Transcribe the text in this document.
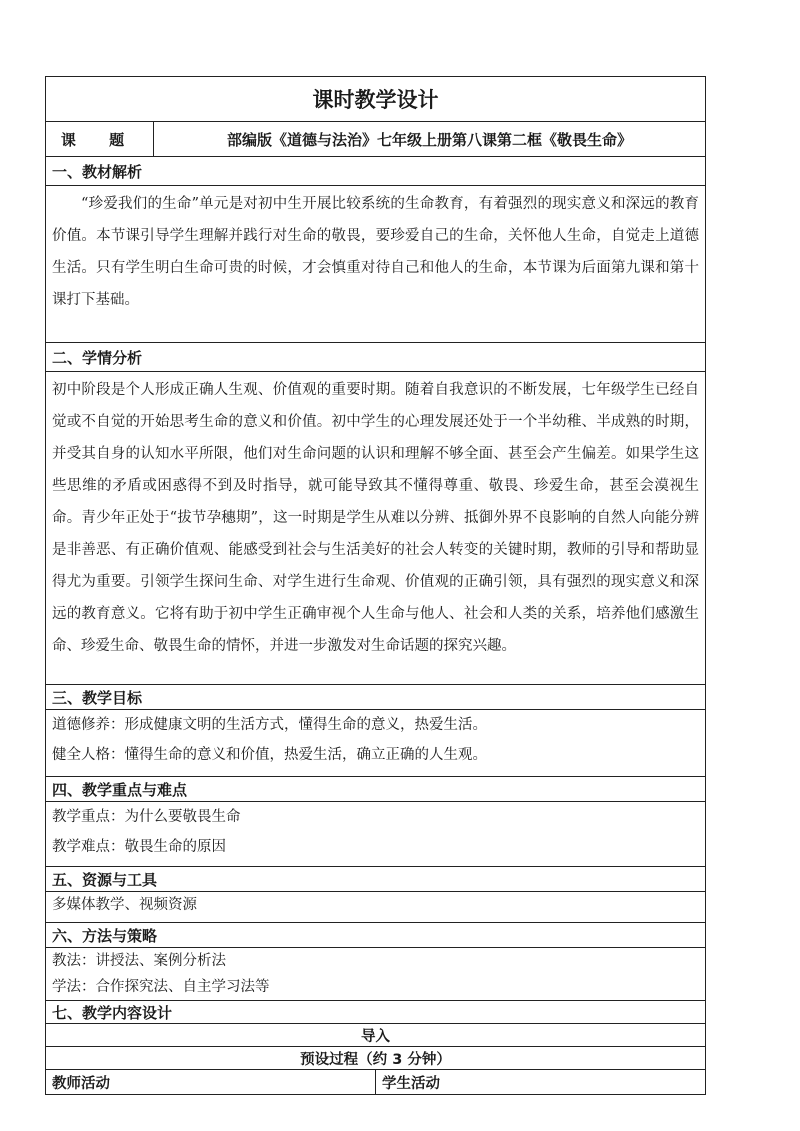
课时教学设计		
课 题	部编版《道德与法治》七年级上册第八课第二框《敬畏生命》	
一、教材解析		
“珍爱我们的生命”单元是对初中生开展比较系统的生命教育，有着强烈的现实意义和深远的教育价值。本节课引导学生理解并践行对生命的敬畏，要珍爱自己的生命，关怀他人生命，自觉走上道德生活。只有学生明白生命可贵的时候，才会慎重对待自己和他人的生命，本节课为后面第九课和第十课打下基础。		
二、学情分析		
初中阶段是个人形成正确人生观、价值观的重要时期。随着自我意识的不断发展，七年级学生已经自觉或不自觉的开始思考生命的意义和价值。初中学生的心理发展还处于一个半幼稚、半成熟的时期，并受其自身的认知水平所限，他们对生命问题的认识和理解不够全面、甚至会产生偏差。如果学生这些思维的矛盾或困惑得不到及时指导，就可能导致其不懂得尊重、敬畏、珍爱生命，甚至会漠视生命。青少年正处于“拔节孕穗期”，这一时期是学生从难以分辨、抵御外界不良影响的自然人向能分辨是非善恶、有正确价值观、能感受到社会与生活美好的社会人转变的关键时期，教师的引导和帮助显得尤为重要。引领学生探问生命、对学生进行生命观、价值观的正确引领，具有强烈的现实意义和深远的教育意义。它将有助于初中学生正确审视个人生命与他人、社会和人类的关系，培养他们感激生命、珍爱生命、敬畏生命的情怀，并进一步激发对生命话题的探究兴趣。		
三、教学目标		

道德修养：形成健康文明的生活方式，懂得生命的意义，热爱生活。
健全人格：懂得生命的意义和价值，热爱生活，确立正确的人生观。		

四、教学重点与难点		

教学重点：为什么要敬畏生命
教学难点：敬畏生命的原因		

五、资源与工具		

多媒体教学、视频资源		

六、方法与策略		

教法：讲授法、案例分析法
学法：合作探究法、自主学习法等		

七、教学内容设计		
导入		
预设过程（约 3 分钟）		
教师活动		学生活动
